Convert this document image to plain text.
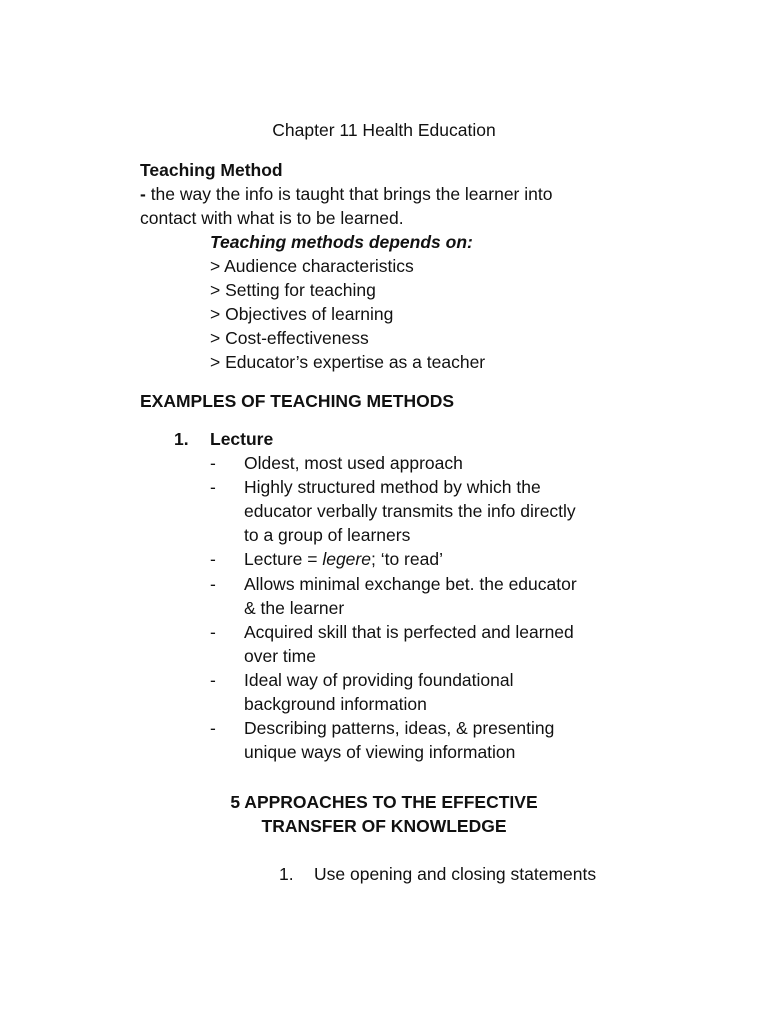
Chapter 11 Health Education
Teaching Method
- the way the info is taught that brings the learner into
contact with what is to be learned.
Teaching methods depends on:
> Audience characteristics
> Setting for teaching
> Objectives of learning
> Cost-effectiveness
> Educator’s expertise as a teacher
EXAMPLES OF TEACHING METHODS
1. Lecture
- Oldest, most used approach
- Highly structured method by which the
educator verbally transmits the info directly
to a group of learners
- Lecture = legere; ‘to read’
- Allows minimal exchange bet. the educator
& the learner
- Acquired skill that is perfected and learned
over time
- Ideal way of providing foundational
background information
- Describing patterns, ideas, & presenting
unique ways of viewing information
5 APPROACHES TO THE EFFECTIVE
TRANSFER OF KNOWLEDGE
1. Use opening and closing statements
